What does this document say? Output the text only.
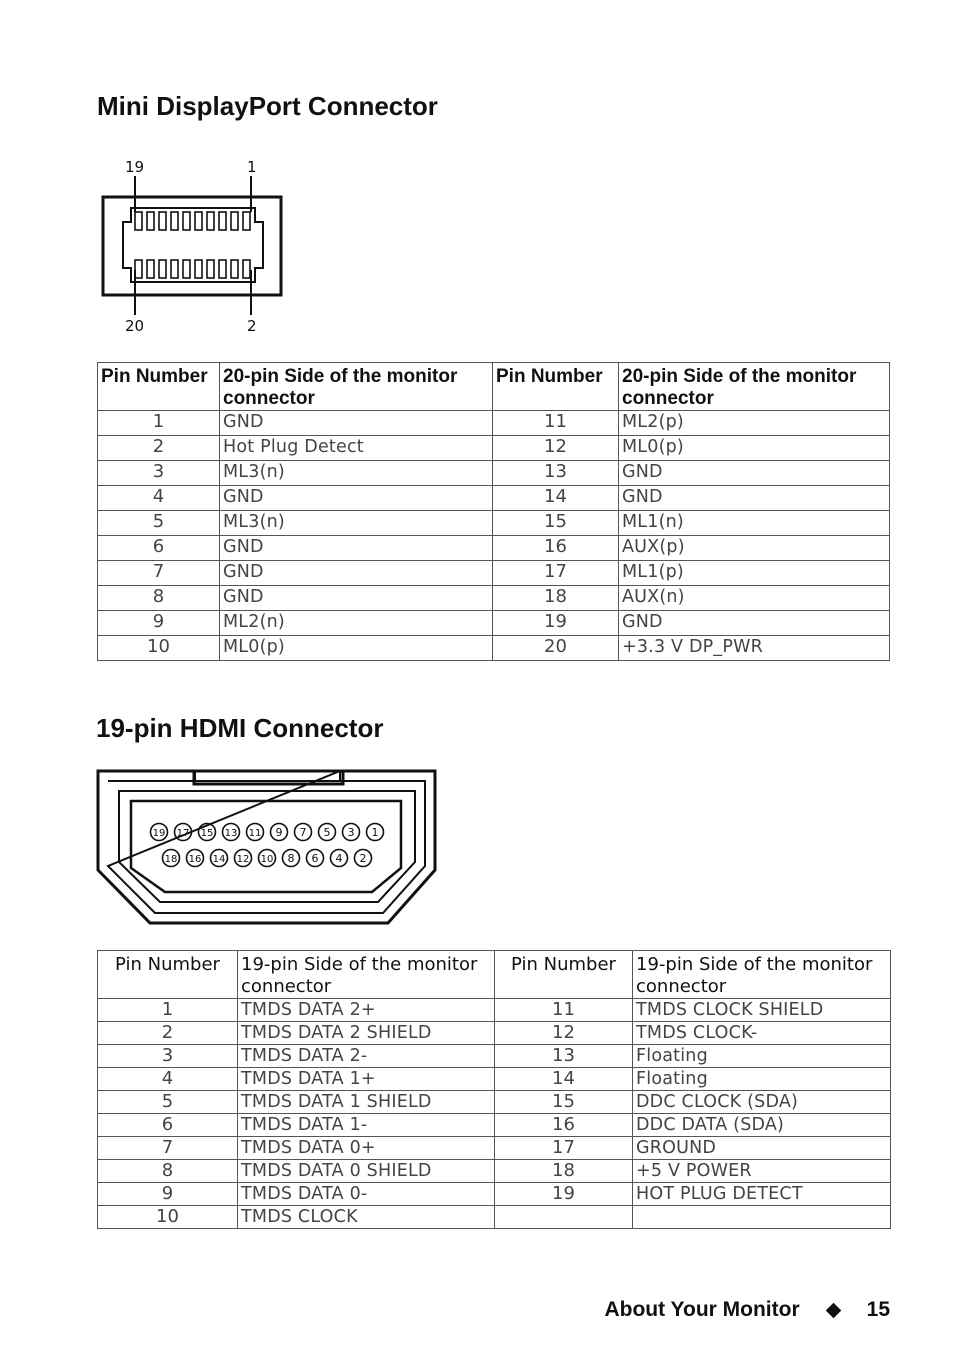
Mini DisplayPort Connector
19	1
20	2
Pin Number	20-pin Side of the monitor connector	Pin Number	20-pin Side of the monitor connector
1	GND	11	ML2(p)
2	Hot Plug Detect	12	ML0(p)
3	ML3(n)	13	GND
4	GND	14	GND
5	ML3(n)	15	ML1(n)
6	GND	16	AUX(p)
7	GND	17	ML1(p)
8	GND	18	AUX(n)
9	ML2(n)	19	GND
10	ML0(p)	20	+3.3 V DP_PWR
19-pin HDMI Connector
19 17 15 13 11 9 7 5 3 1
18 16 14 12 10 8 6 4 2
Pin Number	19-pin Side of the monitor connector	Pin Number	19-pin Side of the monitor connector
1	TMDS DATA 2+	11	TMDS CLOCK SHIELD
2	TMDS DATA 2 SHIELD	12	TMDS CLOCK-
3	TMDS DATA 2-	13	Floating
4	TMDS DATA 1+	14	Floating
5	TMDS DATA 1 SHIELD	15	DDC CLOCK (SDA)
6	TMDS DATA 1-	16	DDC DATA (SDA)
7	TMDS DATA 0+	17	GROUND
8	TMDS DATA 0 SHIELD	18	+5 V POWER
9	TMDS DATA 0-	19	HOT PLUG DETECT
10	TMDS CLOCK		
About Your Monitor	15
